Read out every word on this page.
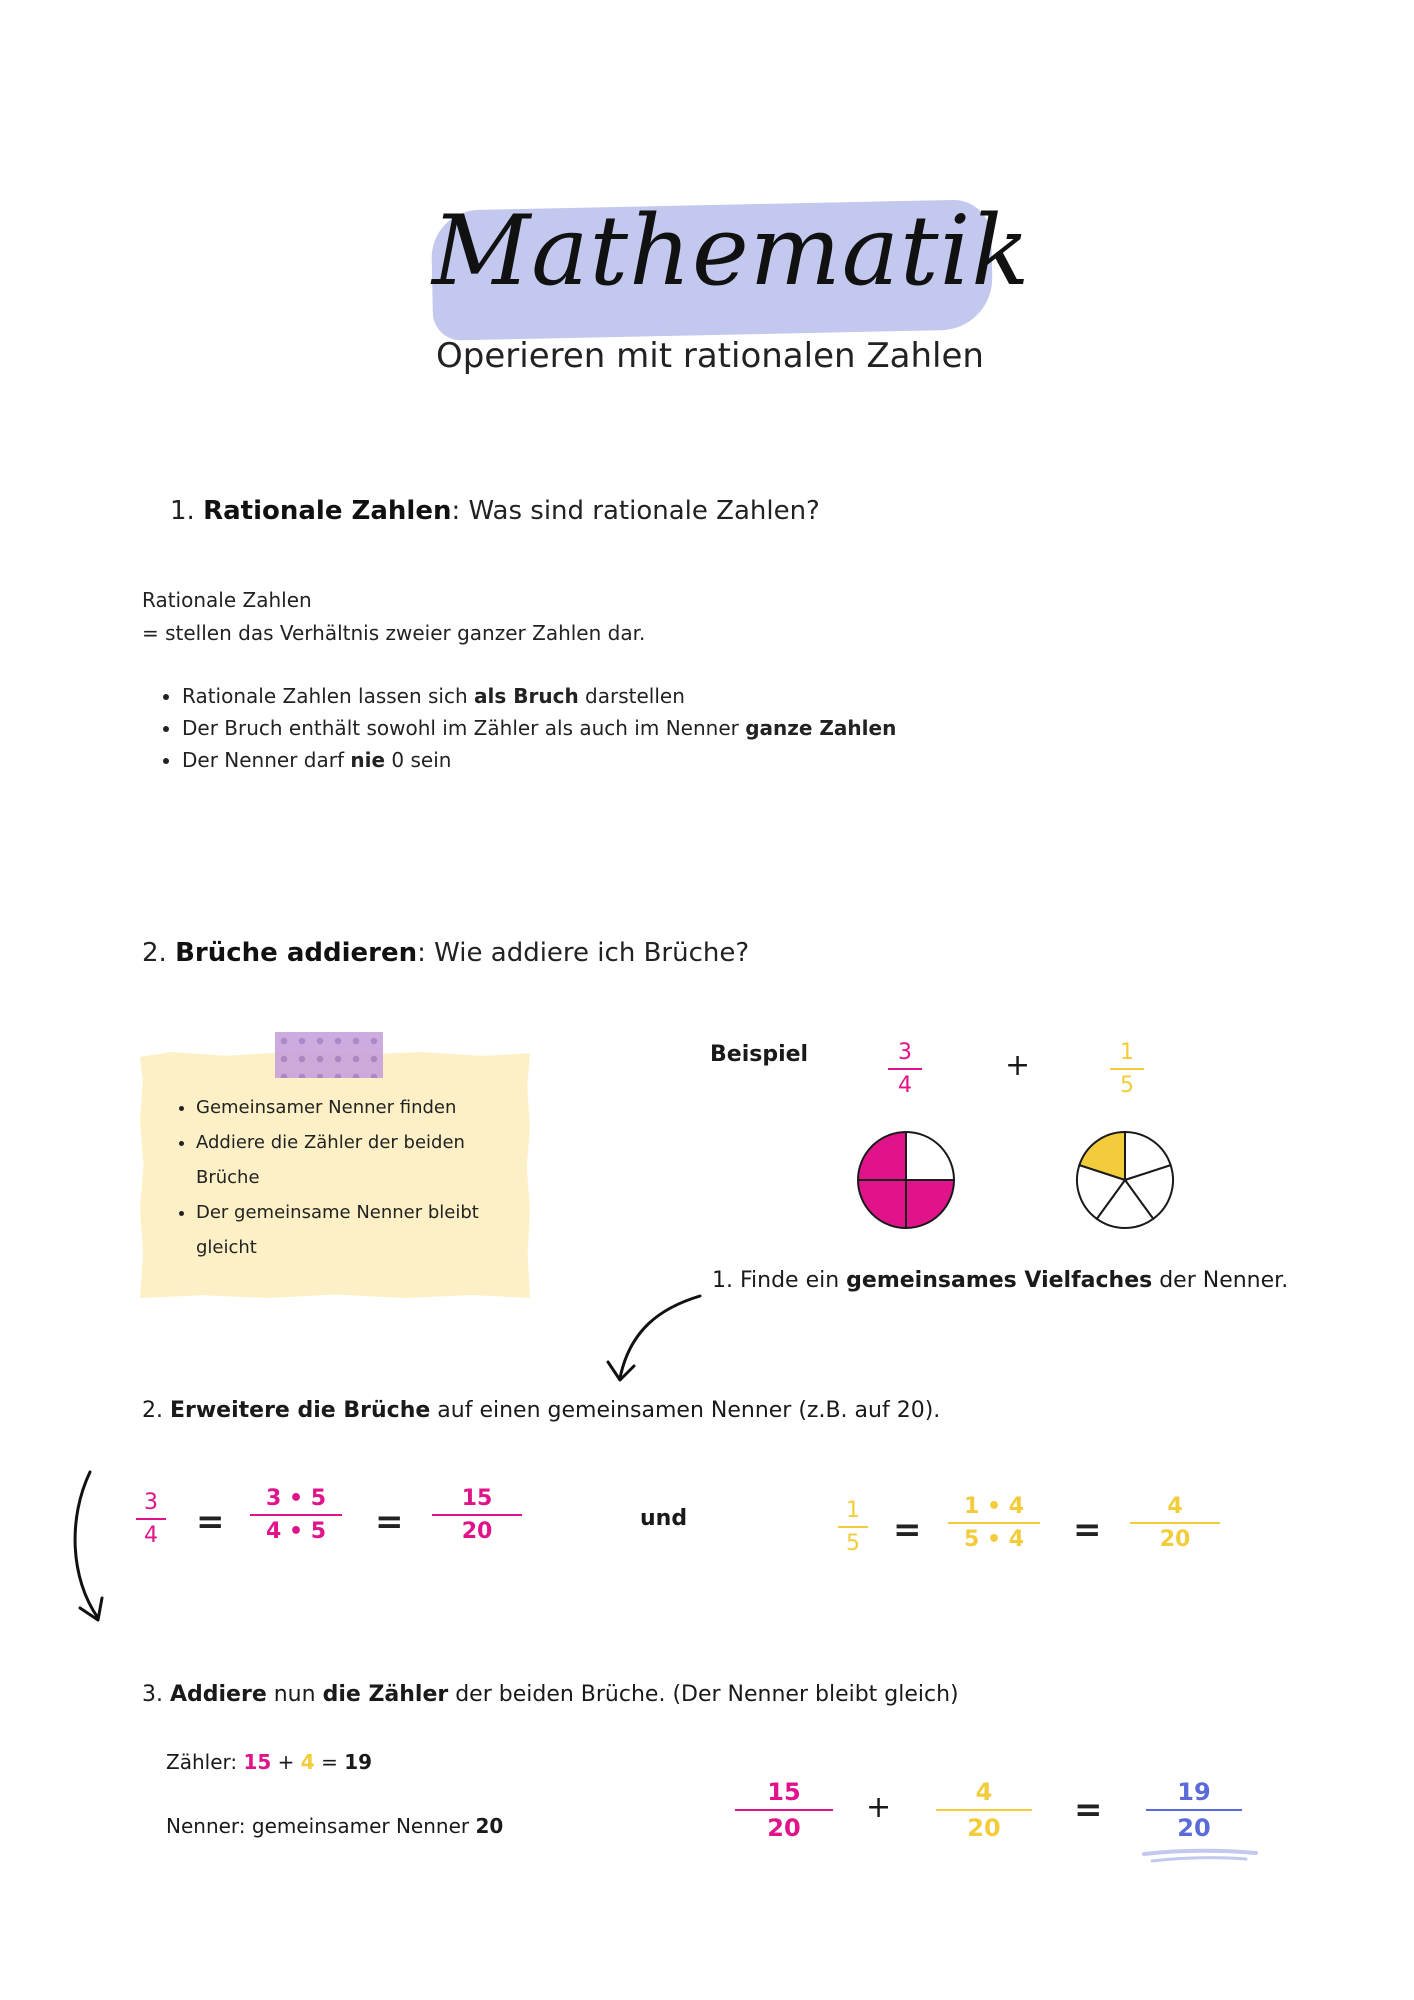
Mathematik
Operieren mit rationalen Zahlen
1. Rationale Zahlen: Was sind rationale Zahlen?
Rationale Zahlen
= stellen das Verhältnis zweier ganzer Zahlen dar.
• Rationale Zahlen lassen sich als Bruch darstellen
• Der Bruch enthält sowohl im Zähler als auch im Nenner ganze Zahlen
• Der Nenner darf nie 0 sein
2. Brüche addieren: Wie addiere ich Brüche?
• Gemeinsamer Nenner finden
• Addiere die Zähler der beiden Brüche
• Der gemeinsame Nenner bleibt gleicht
Beispiel	3
4
+	1
5
1. Finde ein gemeinsames Vielfaches der Nenner.
2. Erweitere die Brüche auf einen gemeinsamen Nenner (z.B. auf 20).
3
4 =
3 • 5
4 • 5	=
15
20
und	1
5 =
1 • 4
5 • 4	=
4
20
3. Addiere nun die Zähler der beiden Brüche. (Der Nenner bleibt gleich)
Zähler: 15 + 4 = 19
Nenner: gemeinsamer Nenner 20
15
20
+	4
20	=	19
20
